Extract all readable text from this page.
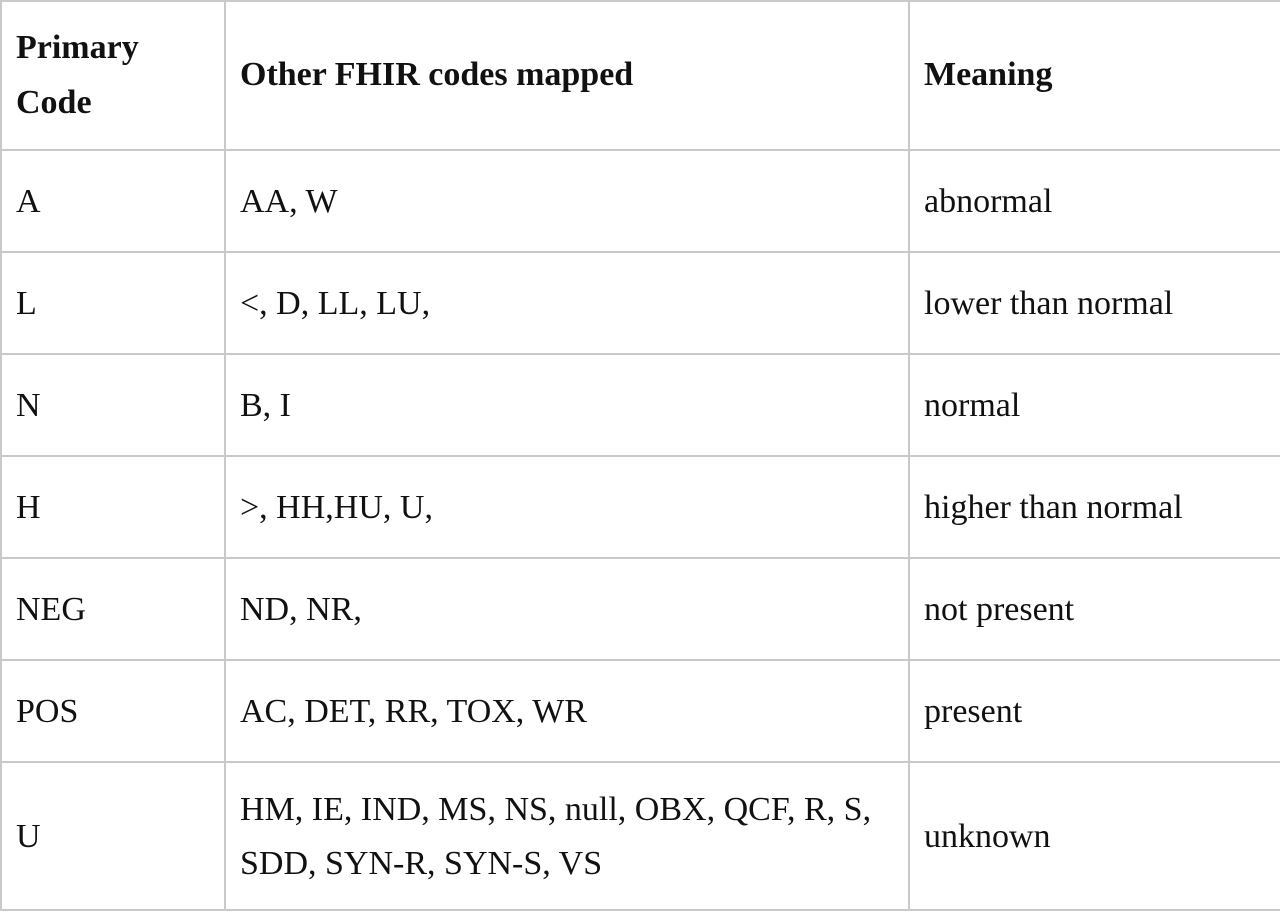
Primary Code	Other FHIR codes mapped	Meaning
A	AA, W	abnormal
L	<, D, LL, LU,	lower than normal
N	B, I	normal
H	>, HH,HU, U,	higher than normal
NEG	ND, NR,	not present
POS	AC, DET, RR, TOX, WR	present
U	HM, IE, IND, MS, NS, null, OBX, QCF, R, S, SDD, SYN-R, SYN-S, VS	unknown
